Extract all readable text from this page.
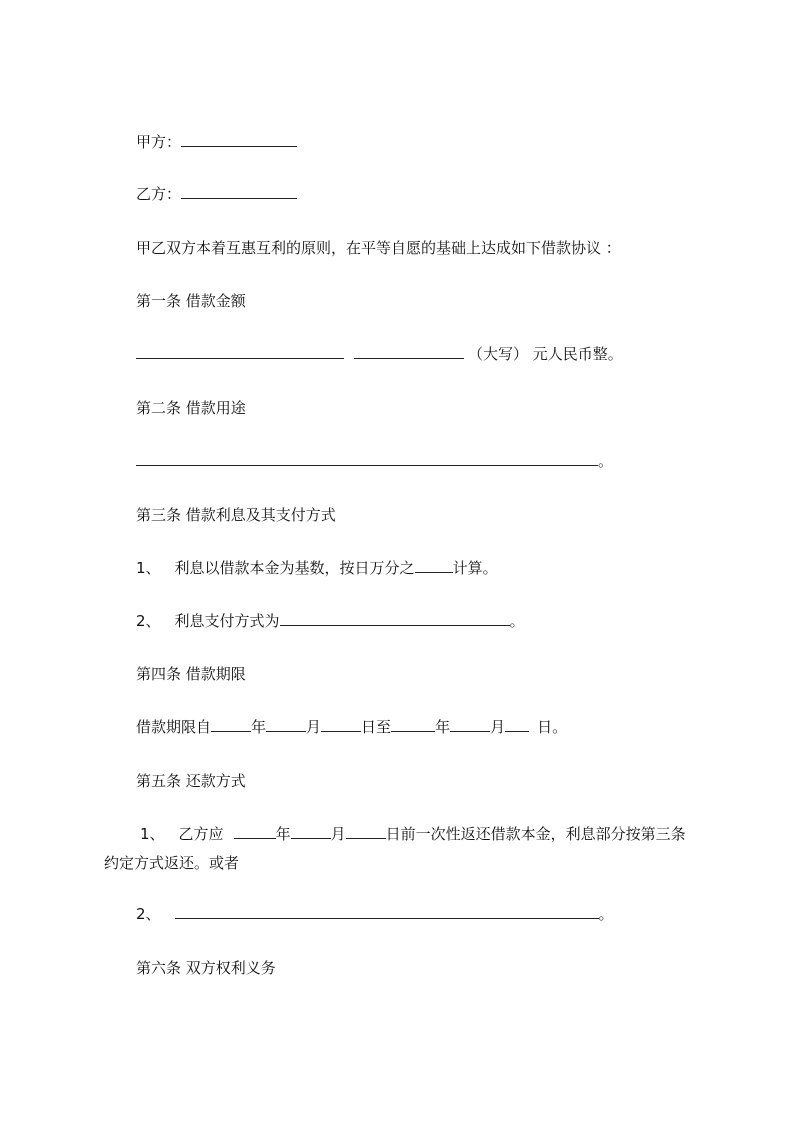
甲方：
乙方：
甲乙双方本着互惠互利的原则，在平等自愿的基础上达成如下借款协议 ：
第一条 借款金额
（大写） 元人民币整。
第二条 借款用途
。
第三条 借款利息及其支付方式
1、 利息以借款本金为基数，按日万分之	计算。
2、 利息支付方式为	。
第四条 借款期限
借款期限自	年	月	日至	年	月 日。
第五条 还款方式
1、 乙方应	年	月	日前一次性返还借款本金，利息部分按第三条
约定方式返还。或者
2、	。
第六条 双方权利义务
